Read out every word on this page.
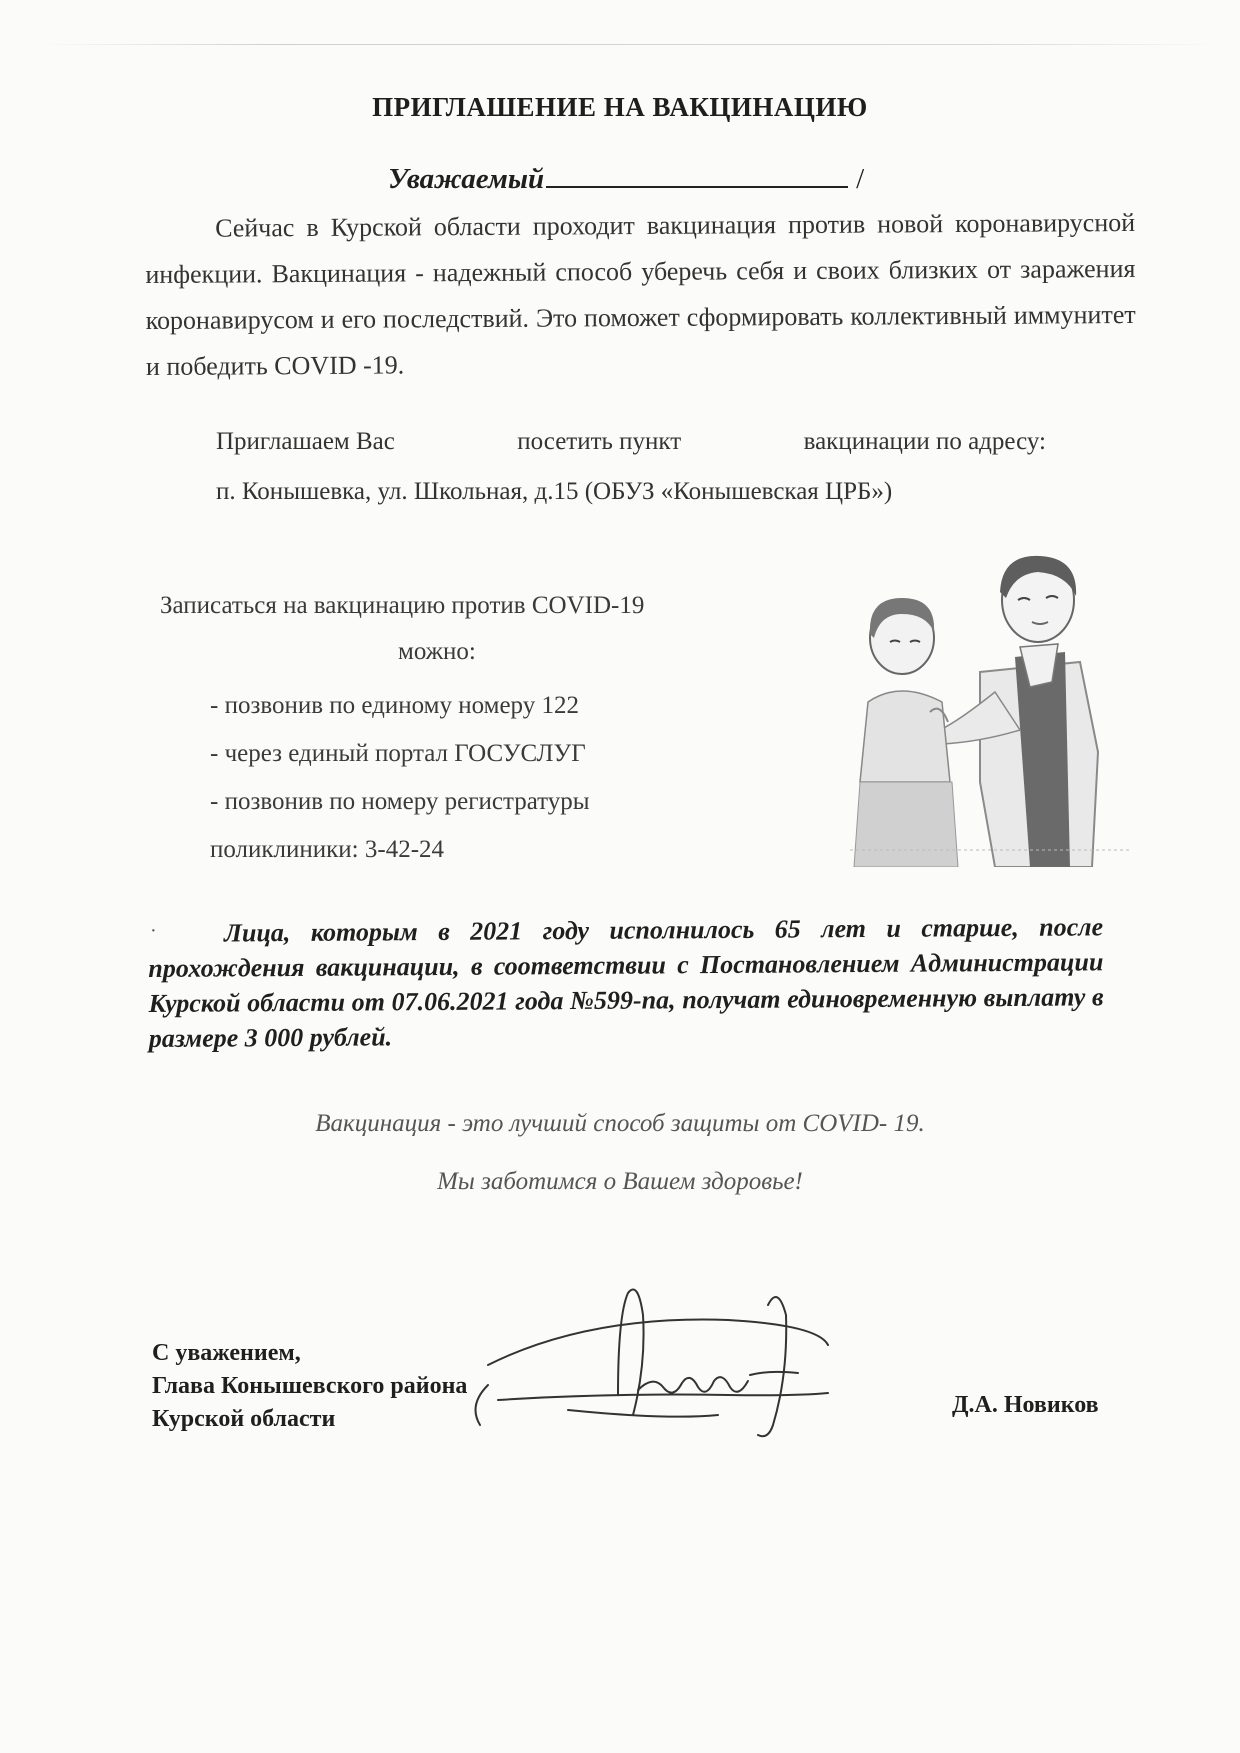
ПРИГЛАШЕНИЕ НА ВАКЦИНАЦИЮ
Уважаемый	/
Сейчас в Курской области проходит вакцинация против новой коронавирусной инфекции. Вакцинация - надежный способ уберечь себя и своих близких от заражения коронавирусом и его последствий. Это поможет сформировать коллективный иммунитет и победить COVID -19.
Приглашаем Вас	посетить пункт	вакцинации по адресу:
п. Конышевка, ул. Школьная, д.15 (ОБУЗ «Конышевская ЦРБ»)
Записаться на вакцинацию против COVID-19
можно:
- позвонив по единому номеру 122
- через единый портал ГОСУСЛУГ
- позвонив по номеру регистратуры
поликлиники: 3-42-24
·	Лица, которым в 2021 году исполнилось 65 лет и старше, после прохождения вакцинации, в соответствии с Постановлением Администрации Курской области от 07.06.2021 года №599-па, получат единовременную выплату в размере 3 000 рублей.
Вакцинация - это лучший способ защиты от COVID- 19.
Мы заботимся о Вашем здоровье!
С уважением,
Глава Конышевского района
Курской области
Д.А. Новиков
